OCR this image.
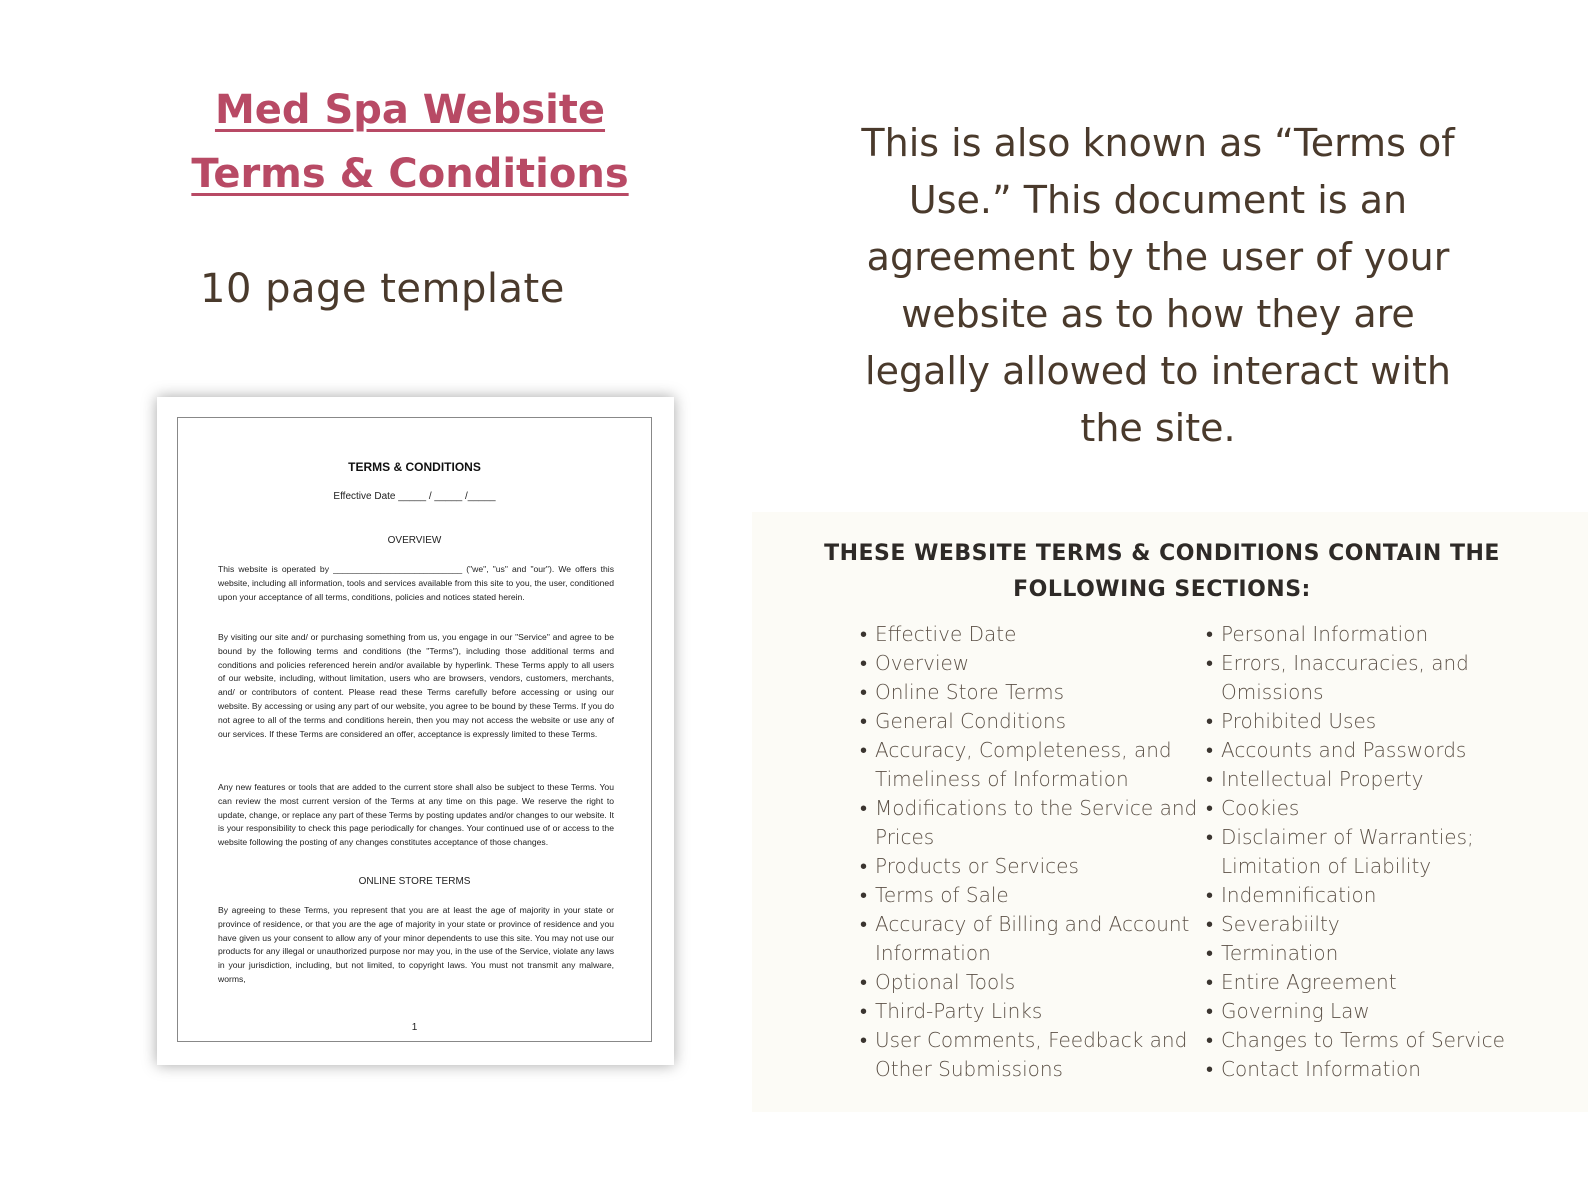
Med Spa Website
Terms & Conditions
10 page template
TERMS & CONDITIONS
Effective Date _____ / _____ /_____
OVERVIEW
This website is operated by ___________________________ ("we", "us" and "our"). We offers this website, including all information, tools and services available from this site to you, the user, conditioned upon your acceptance of all terms, conditions, policies and notices stated herein.
By visiting our site and/ or purchasing something from us, you engage in our "Service" and agree to be bound by the following terms and conditions (the "Terms"), including those additional terms and conditions and policies referenced herein and/or available by hyperlink. These Terms apply to all users of our website, including, without limitation, users who are browsers, vendors, customers, merchants, and/ or contributors of content. Please read these Terms carefully before accessing or using our website. By accessing or using any part of our website, you agree to be bound by these Terms. If you do not agree to all of the terms and conditions herein, then you may not access the website or use any of our services. If these Terms are considered an offer, acceptance is expressly limited to these Terms.
Any new features or tools that are added to the current store shall also be subject to these Terms. You can review the most current version of the Terms at any time on this page. We reserve the right to update, change, or replace any part of these Terms by posting updates and/or changes to our website. It is your responsibility to check this page periodically for changes. Your continued use of or access to the website following the posting of any changes constitutes acceptance of those changes.
ONLINE STORE TERMS
By agreeing to these Terms, you represent that you are at least the age of majority in your state or province of residence, or that you are the age of majority in your state or province of residence and you have given us your consent to allow any of your minor dependents to use this site. You may not use our products for any illegal or unauthorized purpose nor may you, in the use of the Service, violate any laws in your jurisdiction, including, but not limited, to copyright laws. You must not transmit any malware, worms,
1
This is also known as “Terms of Use.” This document is an agreement by the user of your website as to how they are legally allowed to interact with the site.
THESE WEBSITE TERMS & CONDITIONS CONTAIN THE FOLLOWING SECTIONS:
• Effective Date
• Overview
• Online Store Terms
• General Conditions
• Accuracy, Completeness, and Timeliness of Information
• Modifications to the Service and Prices
• Products or Services
• Terms of Sale
• Accuracy of Billing and Account Information
• Optional Tools
• Third-Party Links
• User Comments, Feedback and Other Submissions
• Personal Information
• Errors, Inaccuracies, and Omissions
• Prohibited Uses
• Accounts and Passwords
• Intellectual Property
• Cookies
• Disclaimer of Warranties; Limitation of Liability
• Indemnification
• Severabiilty
• Termination
• Entire Agreement
• Governing Law
• Changes to Terms of Service
• Contact Information
